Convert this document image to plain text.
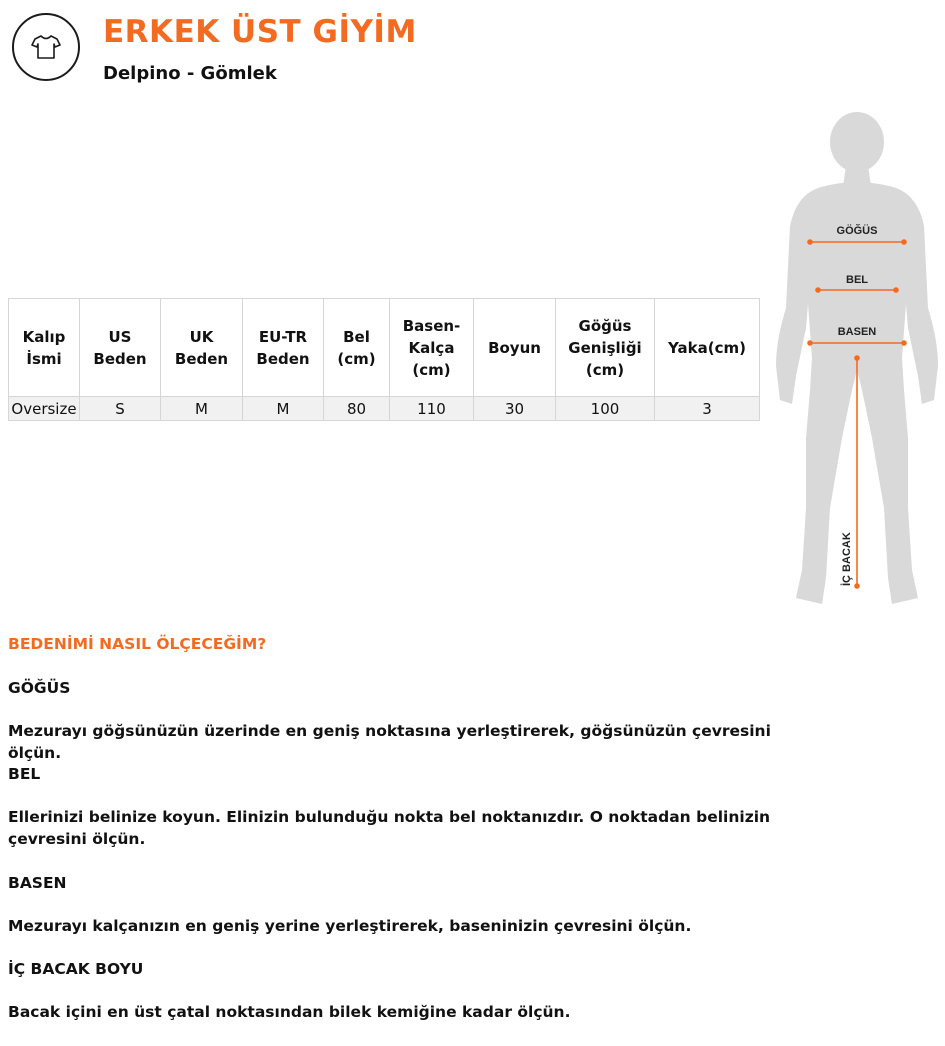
ERKEK ÜST GİYİM
Delpino - Gömlek
Kalıp İsmi	US Beden	UK Beden	EU-TR Beden	Bel (cm)	Basen-Kalça (cm)	Boyun	Göğüs Genişliği (cm)	Yaka(cm)
Oversize	S	M	M	80	110	30	100	3
GÖĞÜS
BEL
BASEN
İÇ BACAK

BEDENİMİ NASIL ÖLÇECEĞİM?

GÖĞÜS

Mezurayı göğsünüzün üzerinde en geniş noktasına yerleştirerek, göğsünüzün çevresini ölçün.

BEL

Ellerinizi belinize koyun. Elinizin bulunduğu nokta bel noktanızdır. O noktadan belinizin çevresini ölçün.

BASEN

Mezurayı kalçanızın en geniş yerine yerleştirerek, baseninizin çevresini ölçün.

İÇ BACAK BOYU

Bacak içini en üst çatal noktasından bilek kemiğine kadar ölçün.
